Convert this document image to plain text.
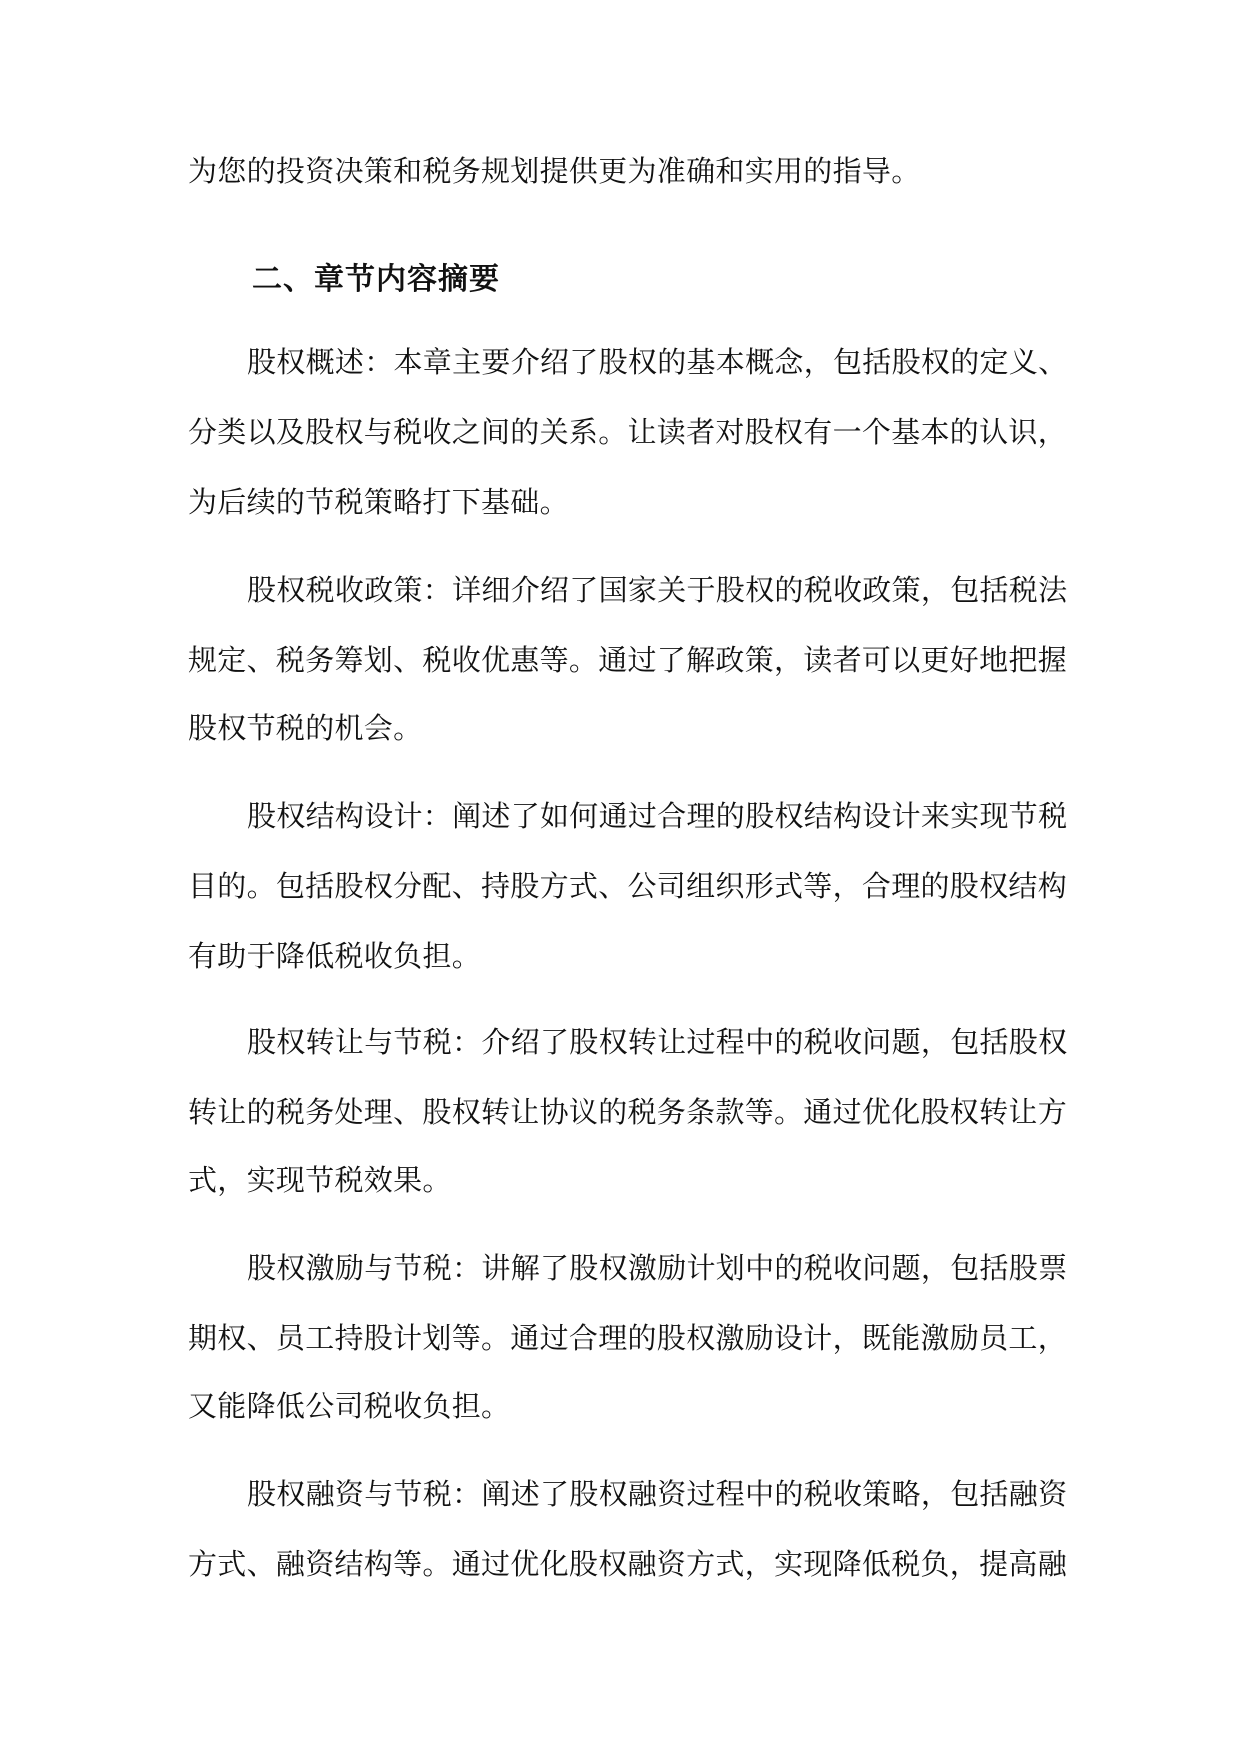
为您的投资决策和税务规划提供更为准确和实用的指导。

二、章节内容摘要

股权概述：本章主要介绍了股权的基本概念，包括股权的定义、

分类以及股权与税收之间的关系。让读者对股权有一个基本的认识，

为后续的节税策略打下基础。

股权税收政策：详细介绍了国家关于股权的税收政策，包括税法

规定、税务筹划、税收优惠等。通过了解政策，读者可以更好地把握

股权节税的机会。

股权结构设计：阐述了如何通过合理的股权结构设计来实现节税

目的。包括股权分配、持股方式、公司组织形式等，合理的股权结构

有助于降低税收负担。

股权转让与节税：介绍了股权转让过程中的税收问题，包括股权

转让的税务处理、股权转让协议的税务条款等。通过优化股权转让方

式，实现节税效果。

股权激励与节税：讲解了股权激励计划中的税收问题，包括股票

期权、员工持股计划等。通过合理的股权激励设计，既能激励员工，

又能降低公司税收负担。

股权融资与节税：阐述了股权融资过程中的税收策略，包括融资

方式、融资结构等。通过优化股权融资方式，实现降低税负，提高融
